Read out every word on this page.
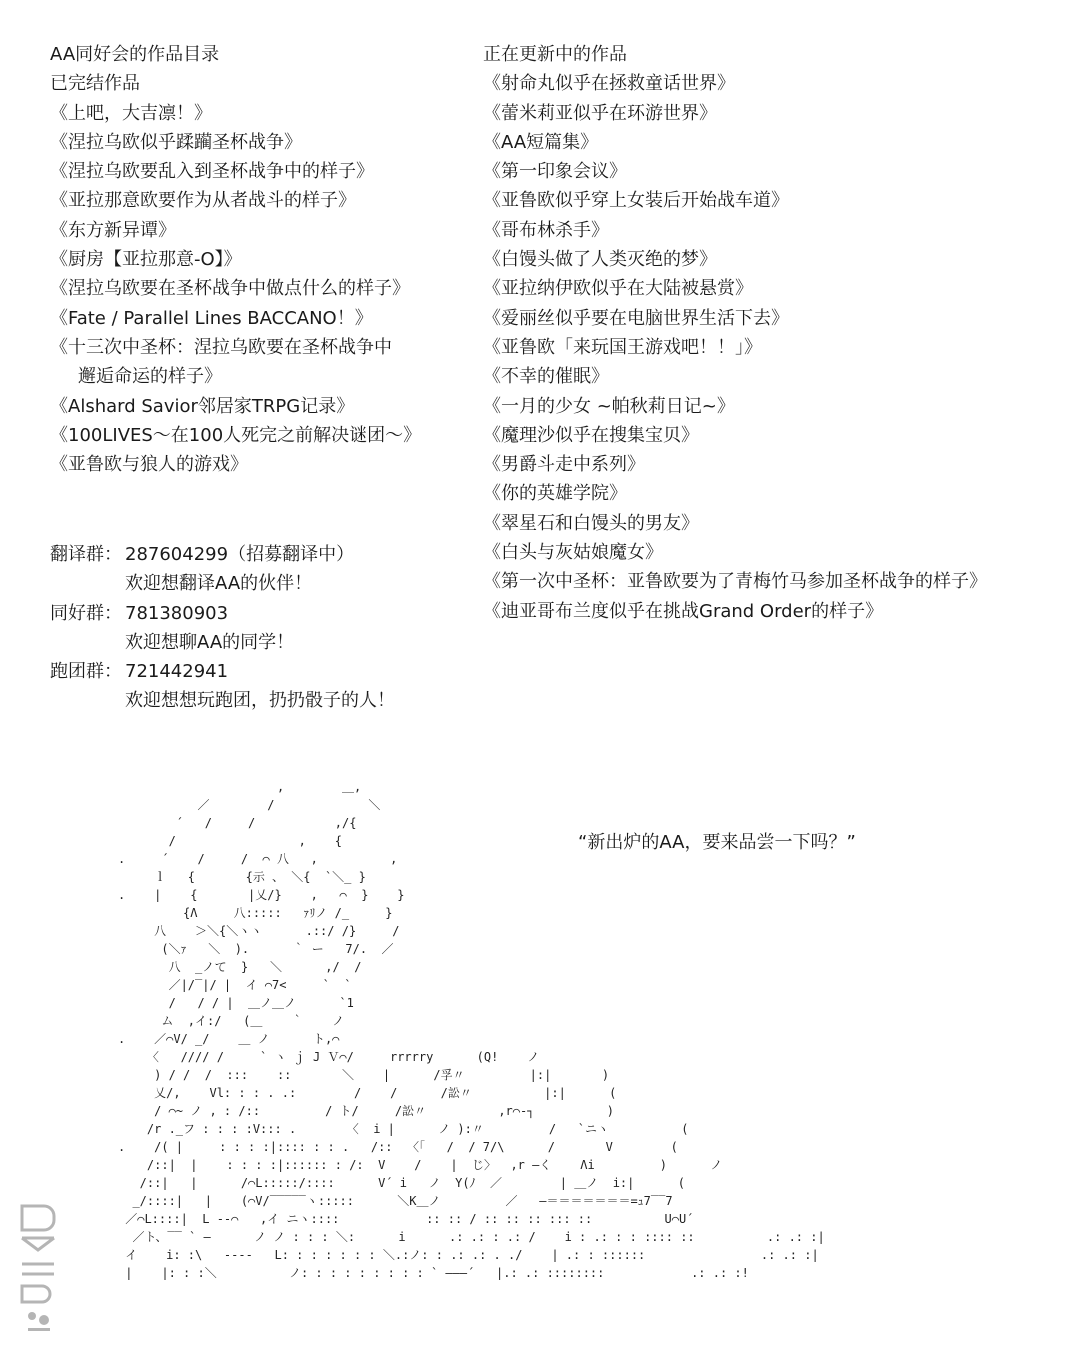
AA同好会的作品目录
已完结作品
《上吧，大吉凛！》
《涅拉乌欧似乎蹂躏圣杯战争》
《涅拉乌欧要乱入到圣杯战争中的样子》
《亚拉那意欧要作为从者战斗的样子》
《东方新异谭》
《厨房【亚拉那意-O】》
《涅拉乌欧要在圣杯战争中做点什么的样子》
《Fate / Parallel Lines BACCANO！》
《十三次中圣杯：涅拉乌欧要在圣杯战争中
邂逅命运的样子》
《Alshard Savior邻居家TRPG记录》
《100LIVES～在100人死完之前解决谜团～》
《亚鲁欧与狼人的游戏》
正在更新中的作品
《射命丸似乎在拯救童话世界》
《蕾米莉亚似乎在环游世界》
《AA短篇集》
《第一印象会议》
《亚鲁欧似乎穿上女装后开始战车道》
《哥布林杀手》
《白馒头做了人类灭绝的梦》
《亚拉纳伊欧似乎在大陆被悬赏》
《爱丽丝似乎要在电脑世界生活下去》
《亚鲁欧「来玩国王游戏吧！！」》
《不幸的催眠》
《一月的少女 ~帕秋莉日记~》
《魔理沙似乎在搜集宝贝》
《男爵斗走中系列》
《你的英雄学院》
《翠星石和白馒头的男友》
《白头与灰姑娘魔女》
《第一次中圣杯：亚鲁欧要为了青梅竹马参加圣杯战争的样子》
《迪亚哥布兰度似乎在挑战Grand Order的样子》
翻译群： 287604299（招募翻译中）
欢迎想翻译AA的伙伴！
同好群： 781380903
欢迎想聊AA的同学！
跑团群： 721442941
欢迎想想玩跑团，扔扔骰子的人！
,        ＿,
／        /             ＼
´   /     /           ,/{
/                 ,    {
.     ´    /     /  ⌒ 八   ,          ,
ｌ   {       {示 、 ＼{  `＼_ }
.    |    {       |乂/}    ,   ⌒  }    }
{Λ     八:::::   ｧﾘノ /_     }
八    ＞＼{＼ヽヽ      .::/ /}     /
(＼ｧ   ＼  ).      ｀ ー   7/.  ／
八  _ノて  }   ＼      ,/  /
／|/‾|/ |  イ ⌒7<     `  `
/   / / |  ＿ノ＿ノ      `1
ム  ,イ:/   (＿    ｀    ノ
.    ／⌒V/ _/    ＿ ノ      ト,⌒
〈   //// /     ` ヽ ｊ J Ｖ⌒/     rrrrry      (Q!    ノ
) / /  /  :::    ::       ＼    |      /孚〃         |:|       )
乂/,    Vl: : : . .:        /    /      /訟〃          |:|      (
/ ⌒~ ノ , : /::         / ト/     /訟〃          ,r⌒‐┐          )
/r ._フ : : : :V::: .       〈  i |      ノ ):〃         /   `ニヽ          (
.    /( |     : : : :|:::: : : .   /::  〈「   /  / 7/\      /       V        (
/::|  |    : : : :|:::::: : /:  V    /    |  じ〉  ,r ―く    Λi         )      ノ
/::|   |      /⌒L:::::/::::      V´ i   ノ  Y(ﾉ  ／        | ＿ノ  i:|      (
_/::::|   |    (⌒V/‾‾‾‾‾ヽ:::::      ＼K＿ノ         ／   ―＝＝＝＝＝＝＝=ｭ7‾‾7
／⌒L::::|  L ‐‐⌒   ,イ ニヽ::::            :: :: / :: :: :: ::: ::          U⌒U´
／ト、‾‾ ` ―      ノ ノ : : : ＼:      i      .: .: : .: /    i : .: : : :::: ::          .: .: :|
イ    i: :\   ‐‐‐‐   L: : : : : : : ＼.:ノ: : .: .: . ./    | .: : ::::::                .: .: :|
|    |: : :＼          ノ: : : : : : : : : ` ―――´   |.: .: ::::::::            .: .: :!
“新出炉的AA，要来品尝一下吗？”
